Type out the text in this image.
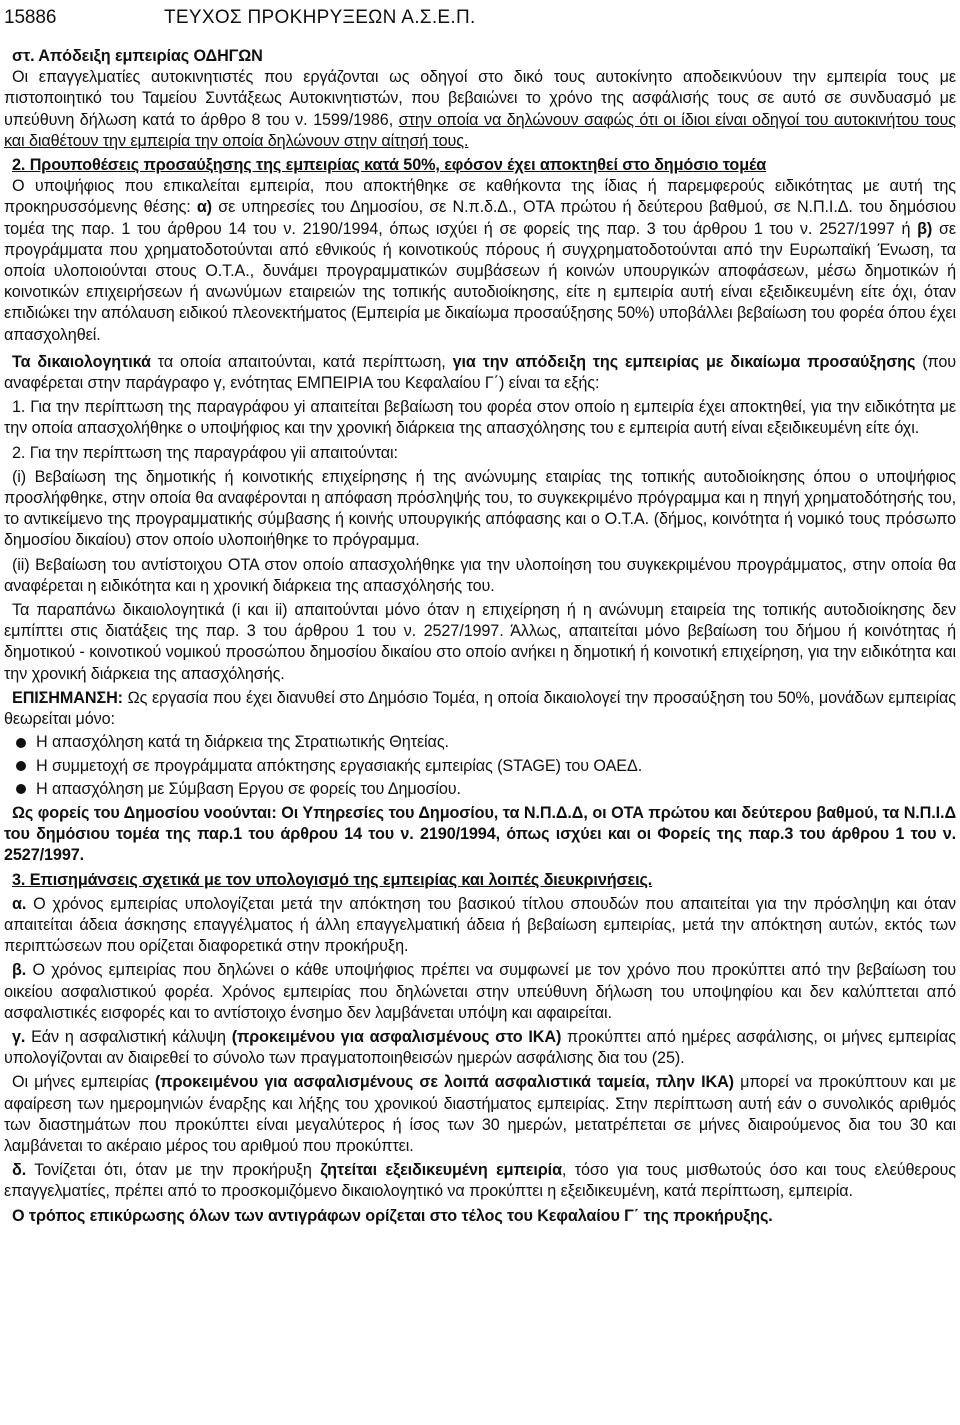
15886	ΤΕΥΧΟΣ ΠΡΟΚΗΡΥΞΕΩΝ Α.Σ.Ε.Π.

στ. Απόδειξη εμπειρίας ΟΔΗΓΩΝ

Οι επαγγελματίες αυτοκινητιστές που εργάζονται ως οδηγοί στο δικό τους αυτοκίνητο αποδεικνύουν την εμπειρία τους με πιστοποιητικό του Ταμείου Συντάξεως Αυτοκινητιστών, που βεβαιώνει το χρόνο της ασφάλισής τους σε αυτό σε συνδυασμό με υπεύθυνη δήλωση κατά το άρθρο 8 του ν. 1599/1986, στην οποία να δηλώνουν σαφώς ότι οι ίδιοι είναι οδηγοί του αυτοκινήτου τους και διαθέτουν την εμπειρία την οποία δηλώνουν στην αίτησή τους.

2. Προυποθέσεις προσαύξησης της εμπειρίας κατά 50%, εφόσον έχει αποκτηθεί στο δημόσιο τομέα

Ο υποψήφιος που επικαλείται εμπειρία, που αποκτήθηκε σε καθήκοντα της ίδιας ή παρεμφερούς ειδικότητας με αυτή της προκηρυσσόμενης θέσης: α) σε υπηρεσίες του Δημοσίου, σε Ν.π.δ.Δ., ΟΤΑ πρώτου ή δεύτερου βαθμού, σε Ν.Π.Ι.Δ. του δημόσιου τομέα της παρ. 1 του άρθρου 14 του ν. 2190/1994, όπως ισχύει ή σε φορείς της παρ. 3 του άρθρου 1 του ν. 2527/1997 ή β) σε προγράμματα που χρηματοδοτούνται από εθνικούς ή κοινοτικούς πόρους ή συγχρηματοδοτούνται από την Ευρωπαϊκή Ένωση, τα οποία υλοποιούνται στους Ο.Τ.Α., δυνάμει προγραμματικών συμβάσεων ή κοινών υπουργικών αποφάσεων, μέσω δημοτικών ή κοινοτικών επιχειρήσεων ή ανωνύμων εταιρειών της τοπικής αυτοδιοίκησης, είτε η εμπειρία αυτή είναι εξειδικευμένη είτε όχι, όταν επιδιώκει την απόλαυση ειδικού πλεονεκτήματος (Εμπειρία με δικαίωμα προσαύξησης 50%) υποβάλλει βεβαίωση του φορέα όπου έχει απασχοληθεί.

Τα δικαιολογητικά τα οποία απαιτούνται, κατά περίπτωση, για την απόδειξη της εμπειρίας με δικαίωμα προσαύξησης (που αναφέρεται στην παράγραφο γ, ενότητας ΕΜΠΕΙΡΙΑ του Κεφαλαίου Γ΄) είναι τα εξής:

1. Για την περίπτωση της παραγράφου yi απαιτείται βεβαίωση του φορέα στον οποίο η εμπειρία έχει αποκτηθεί, για την ειδικότητα με την οποία απασχολήθηκε ο υποψήφιος και την χρονική διάρκεια της απασχόλησης του ε εμπειρία αυτή είναι εξειδικευμένη είτε όχι.

2. Για την περίπτωση της παραγράφου γii απαιτούνται:

(i) Βεβαίωση της δημοτικής ή κοινοτικής επιχείρησης ή της ανώνυμης εταιρίας της τοπικής αυτοδιοίκησης όπου ο υποψήφιος προσλήφθηκε, στην οποία θα αναφέρονται η απόφαση πρόσληψής του, το συγκεκριμένο πρόγραμμα και η πηγή χρηματοδότησής του, το αντικείμενο της προγραμματικής σύμβασης ή κοινής υπουργικής απόφασης και ο Ο.Τ.Α. (δήμος, κοινότητα ή νομικό τους πρόσωπο δημοσίου δικαίου) στον οποίο υλοποιήθηκε το πρόγραμμα.

(ii) Βεβαίωση του αντίστοιχου ΟΤΑ στον οποίο απασχολήθηκε για την υλοποίηση του συγκεκριμένου προγράμματος, στην οποία θα αναφέρεται η ειδικότητα και η χρονική διάρκεια της απασχόλησής του.

Τα παραπάνω δικαιολογητικά (i και ii) απαιτούνται μόνο όταν η επιχείρηση ή η ανώνυμη εταιρεία της τοπικής αυτοδιοίκησης δεν εμπίπτει στις διατάξεις της παρ. 3 του άρθρου 1 του ν. 2527/1997. Άλλως, απαιτείται μόνο βεβαίωση του δήμου ή κοινότητας ή δημοτικού - κοινοτικού νομικού προσώπου δημοσίου δικαίου στο οποίο ανήκει η δημοτική ή κοινοτική επιχείρηση, για την ειδικότητα και την χρονική διάρκεια της απασχόλησής.

ΕΠΙΣΗΜΑΝΣΗ: Ως εργασία που έχει διανυθεί στο Δημόσιο Τομέα, η οποία δικαιολογεί την προσαύξηση του 50%, μονάδων εμπειρίας θεωρείται μόνο:

Η απασχόληση κατά τη διάρκεια της Στρατιωτικής Θητείας.
Η συμμετοχή σε προγράμματα απόκτησης εργασιακής εμπειρίας (STAGE) του ΟΑΕΔ.
Η απασχόληση με Σύμβαση Εργου σε φορείς του Δημοσίου.

Ως φορείς του Δημοσίου νοούνται: Οι Υπηρεσίες του Δημοσίου, τα Ν.Π.Δ.Δ, οι ΟΤΑ πρώτου και δεύτερου βαθμού, τα Ν.Π.Ι.Δ του δημόσιου τομέα της παρ.1 του άρθρου 14 του ν. 2190/1994, όπως ισχύει και οι Φορείς της παρ.3 του άρθρου 1 του ν. 2527/1997.

3. Επισημάνσεις σχετικά με τον υπολογισμό της εμπειρίας και λοιπές διευκρινήσεις.

α. Ο χρόνος εμπειρίας υπολογίζεται μετά την απόκτηση του βασικού τίτλου σπουδών που απαιτείται για την πρόσληψη και όταν απαιτείται άδεια άσκησης επαγγέλματος ή άλλη επαγγελματική άδεια ή βεβαίωση εμπειρίας, μετά την απόκτηση αυτών, εκτός των περιπτώσεων που ορίζεται διαφορετικά στην προκήρυξη.

β. Ο χρόνος εμπειρίας που δηλώνει ο κάθε υποψήφιος πρέπει να συμφωνεί με τον χρόνο που προκύπτει από την βεβαίωση του οικείου ασφαλιστικού φορέα. Χρόνος εμπειρίας που δηλώνεται στην υπεύθυνη δήλωση του υποψηφίου και δεν καλύπτεται από ασφαλιστικές εισφορές και το αντίστοιχο ένσημο δεν λαμβάνεται υπόψη και αφαιρείται.

γ. Εάν η ασφαλιστική κάλυψη (προκειμένου για ασφαλισμένους στο ΙΚΑ) προκύπτει από ημέρες ασφάλισης, οι μήνες εμπειρίας υπολογίζονται αν διαιρεθεί το σύνολο των πραγματοποιηθεισών ημερών ασφάλισης δια του (25).

Οι μήνες εμπειρίας (προκειμένου για ασφαλισμένους σε λοιπά ασφαλιστικά ταμεία, πλην ΙΚΑ) μπορεί να προκύπτουν και με αφαίρεση των ημερομηνιών έναρξης και λήξης του χρονικού διαστήματος εμπειρίας. Στην περίπτωση αυτή εάν ο συνολικός αριθμός των διαστημάτων που προκύπτει είναι μεγαλύτερος ή ίσος των 30 ημερών, μετατρέπεται σε μήνες διαιρούμενος δια του 30 και λαμβάνεται το ακέραιο μέρος του αριθμού που προκύπτει.

δ. Τονίζεται ότι, όταν με την προκήρυξη ζητείται εξειδικευμένη εμπειρία, τόσο για τους μισθωτούς όσο και τους ελεύθερους επαγγελματίες, πρέπει από το προσκομιζόμενο δικαιολογητικό να προκύπτει η εξειδικευμένη, κατά περίπτωση, εμπειρία.

Ο τρόπος επικύρωσης όλων των αντιγράφων ορίζεται στο τέλος του Κεφαλαίου Γ΄ της προκήρυξης.
